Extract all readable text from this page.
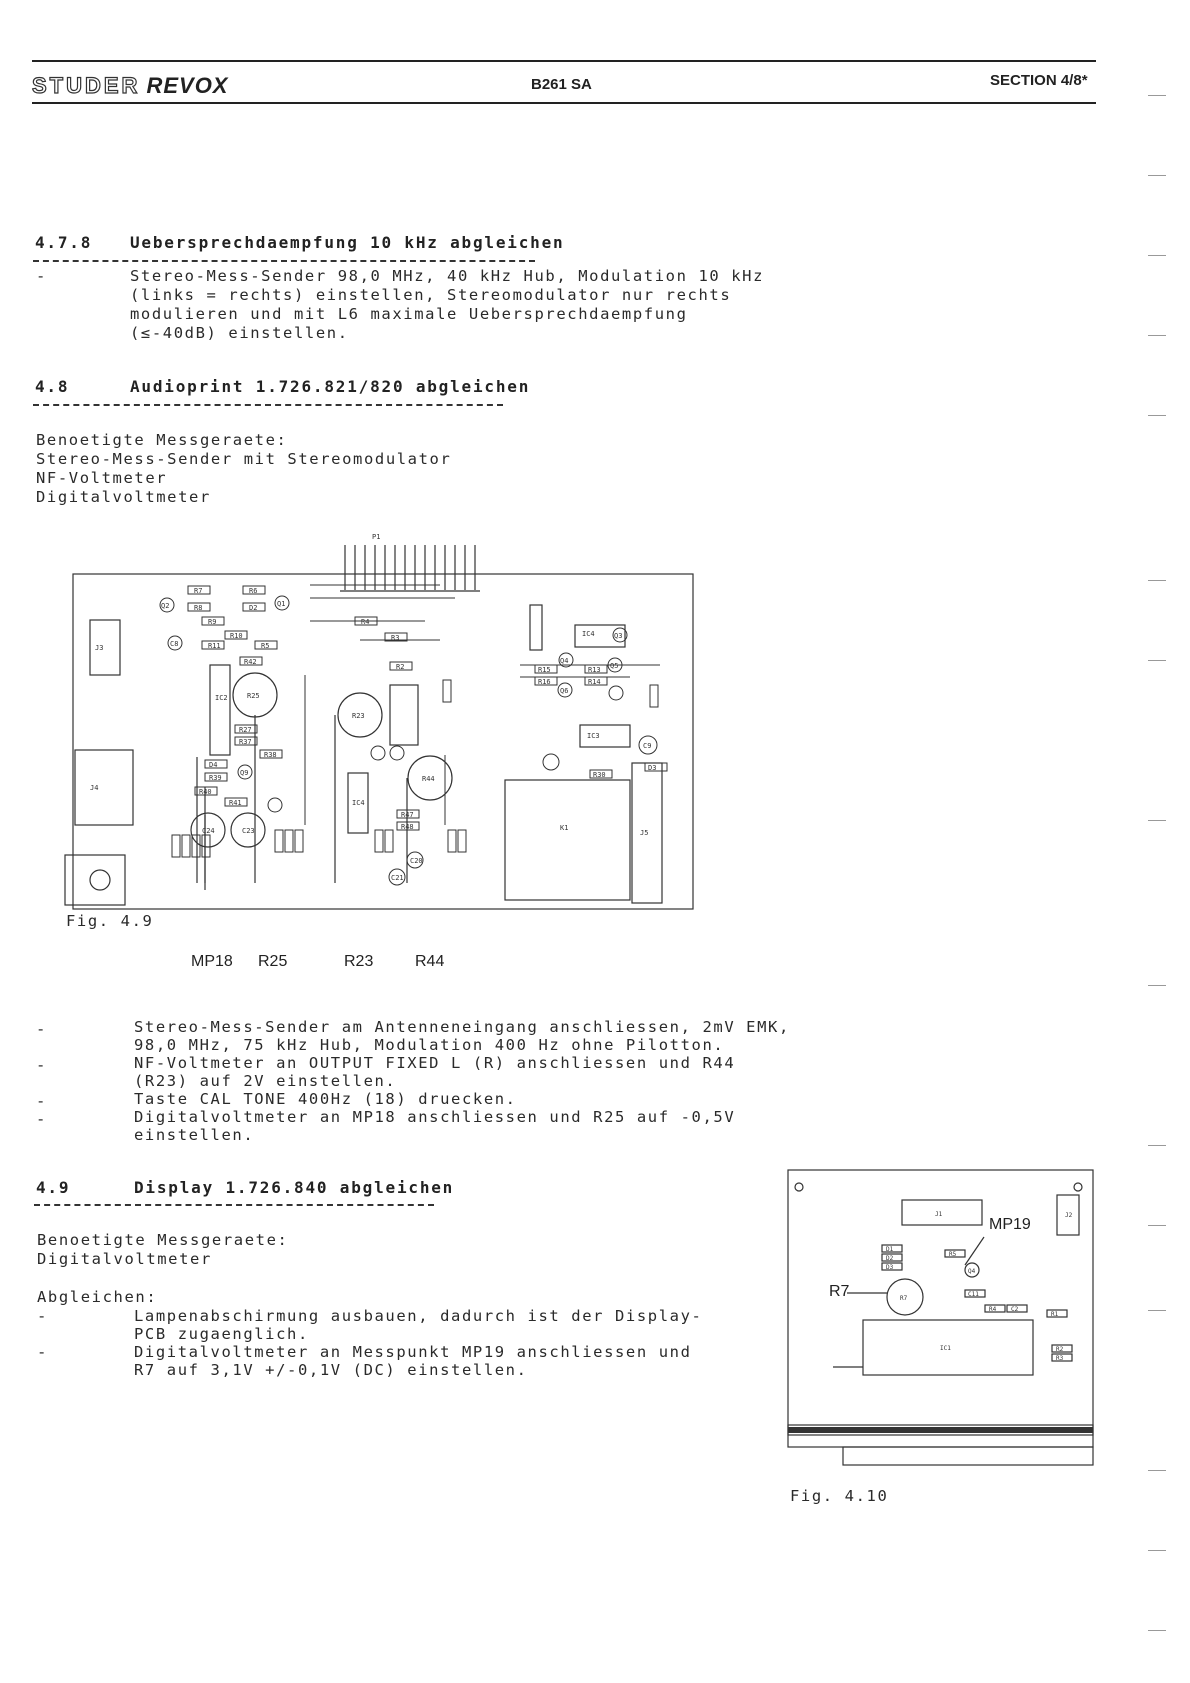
STUDER REVOX	B261 SA	SECTION 4/8*
4.7.8 Uebersprechdaempfung 10 kHz abgleichen
-	Stereo-Mess-Sender 98,0 MHz, 40 kHz Hub, Modulation 10 kHz
(links = rechts) einstellen, Stereomodulator nur rechts
modulieren und mit L6 maximale Uebersprechdaempfung
(≤-40dB) einstellen.
4.8	Audioprint 1.726.821/820 abgleichen
Benoetigte Messgeraete:
Stereo-Mess-Sender mit Stereomodulator
NF-Voltmeter
Digitalvoltmeter
P1
R7	R6
R8	D2
R9
R10
R11	R5
R42
R25
R4
R3
R2
R23
R27
R37
R38
D4
R39
R40
R41
R44
R47
R48
R15
R16
R13
R14
R30
D3
IC4
IC3
IC2
IC4
K1
J5
J3
J4
Q2	Q1
C8
Q9
C24	C23
Q4
Q3
Q5
Q6
C9
C20
C21
Fig. 4.9
MP18 R25	R23	R44
-	Stereo-Mess-Sender am Antenneneingang anschliessen, 2mV EMK,
98,0 MHz, 75 kHz Hub, Modulation 400 Hz ohne Pilotton.
-	NF-Voltmeter an OUTPUT FIXED L (R) anschliessen und R44
(R23) auf 2V einstellen.
-	Taste CAL TONE 400Hz (18) druecken.
-	Digitalvoltmeter an MP18 anschliessen und R25 auf -0,5V
einstellen.
4.9	Display 1.726.840 abgleichen
Benoetigte Messgeraete:
Digitalvoltmeter
Abgleichen:
-	Lampenabschirmung ausbauen, dadurch ist der Display-
PCB zugaenglich.
-	Digitalvoltmeter an Messpunkt MP19 anschliessen und
R7 auf 3,1V +/-0,1V (DC) einstellen.
J1	J2
D1
D2
D3
R5
R7
Q4
C11
R4 C2
R1
IC1	R2
R3
MP19
R7
Fig. 4.10
